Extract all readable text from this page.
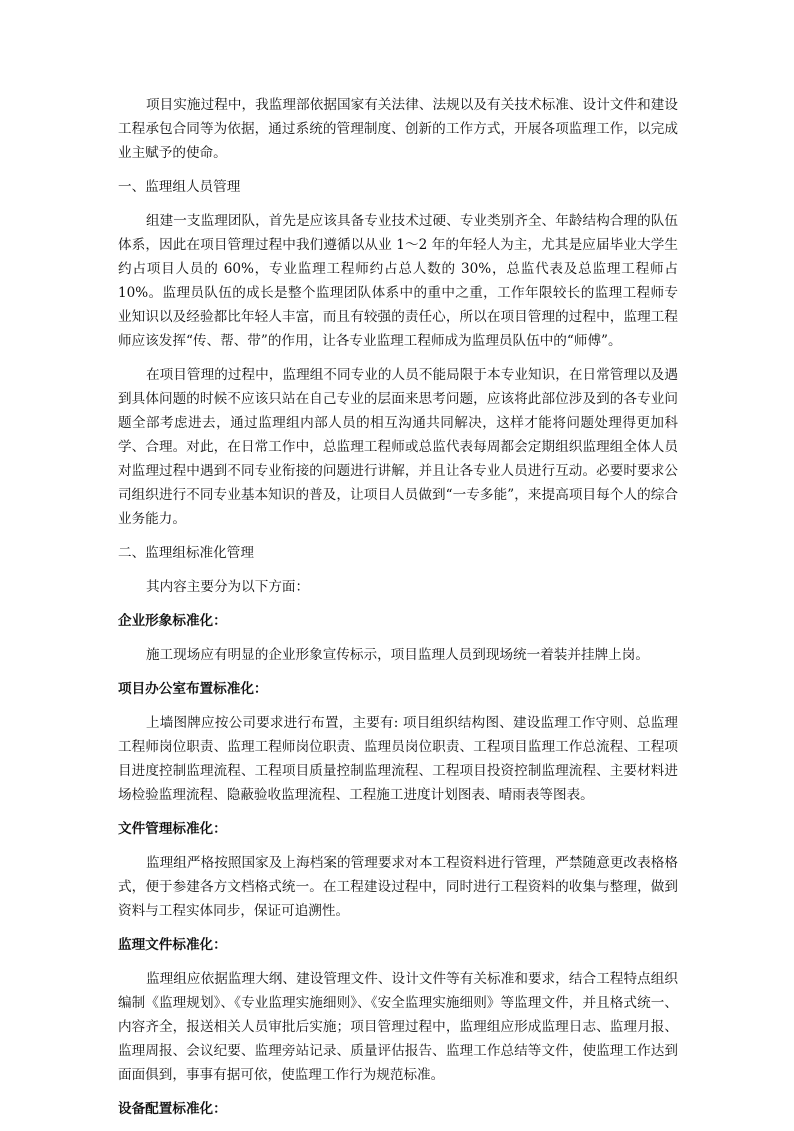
项目实施过程中，我监理部依据国家有关法律、法规以及有关技术标准、设计文件和建设工程承包合同等为依据，通过系统的管理制度、创新的工作方式，开展各项监理工作，以完成业主赋予的使命。

一、监理组人员管理

组建一支监理团队，首先是应该具备专业技术过硬、专业类别齐全、年龄结构合理的队伍体系，因此在项目管理过程中我们遵循以从业 1～2 年的年轻人为主，尤其是应届毕业大学生约占项目人员的 60%，专业监理工程师约占总人数的 30%，总监代表及总监理工程师占 10%。监理员队伍的成长是整个监理团队体系中的重中之重，工作年限较长的监理工程师专业知识以及经验都比年轻人丰富，而且有较强的责任心，所以在项目管理的过程中，监理工程师应该发挥“传、帮、带”的作用，让各专业监理工程师成为监理员队伍中的“师傅”。

在项目管理的过程中，监理组不同专业的人员不能局限于本专业知识，在日常管理以及遇到具体问题的时候不应该只站在自己专业的层面来思考问题，应该将此部位涉及到的各专业问题全部考虑进去，通过监理组内部人员的相互沟通共同解决，这样才能将问题处理得更加科学、合理。对此，在日常工作中，总监理工程师或总监代表每周都会定期组织监理组全体人员对监理过程中遇到不同专业衔接的问题进行讲解，并且让各专业人员进行互动。必要时要求公司组织进行不同专业基本知识的普及，让项目人员做到“一专多能”，来提高项目每个人的综合业务能力。

二、监理组标准化管理

其内容主要分为以下方面：

企业形象标准化：

施工现场应有明显的企业形象宣传标示，项目监理人员到现场统一着装并挂牌上岗。

项目办公室布置标准化：

上墙图牌应按公司要求进行布置，主要有: 项目组织结构图、建设监理工作守则、总监理工程师岗位职责、监理工程师岗位职责、监理员岗位职责、工程项目监理工作总流程、工程项目进度控制监理流程、工程项目质量控制监理流程、工程项目投资控制监理流程、主要材料进场检验监理流程、隐蔽验收监理流程、工程施工进度计划图表、晴雨表等图表。

文件管理标准化：

监理组严格按照国家及上海档案的管理要求对本工程资料进行管理，严禁随意更改表格格式，便于参建各方文档格式统一。在工程建设过程中，同时进行工程资料的收集与整理，做到资料与工程实体同步，保证可追溯性。

监理文件标准化：

监理组应依据监理大纲、建设管理文件、设计文件等有关标准和要求，结合工程特点组织编制《监理规划》、《专业监理实施细则》、《安全监理实施细则》等监理文件，并且格式统一、内容齐全，报送相关人员审批后实施；项目管理过程中，监理组应形成监理日志、监理月报、监理周报、会议纪要、监理旁站记录、质量评估报告、监理工作总结等文件，使监理工作达到面面俱到，事事有据可依，使监理工作行为规范标准。

设备配置标准化：
